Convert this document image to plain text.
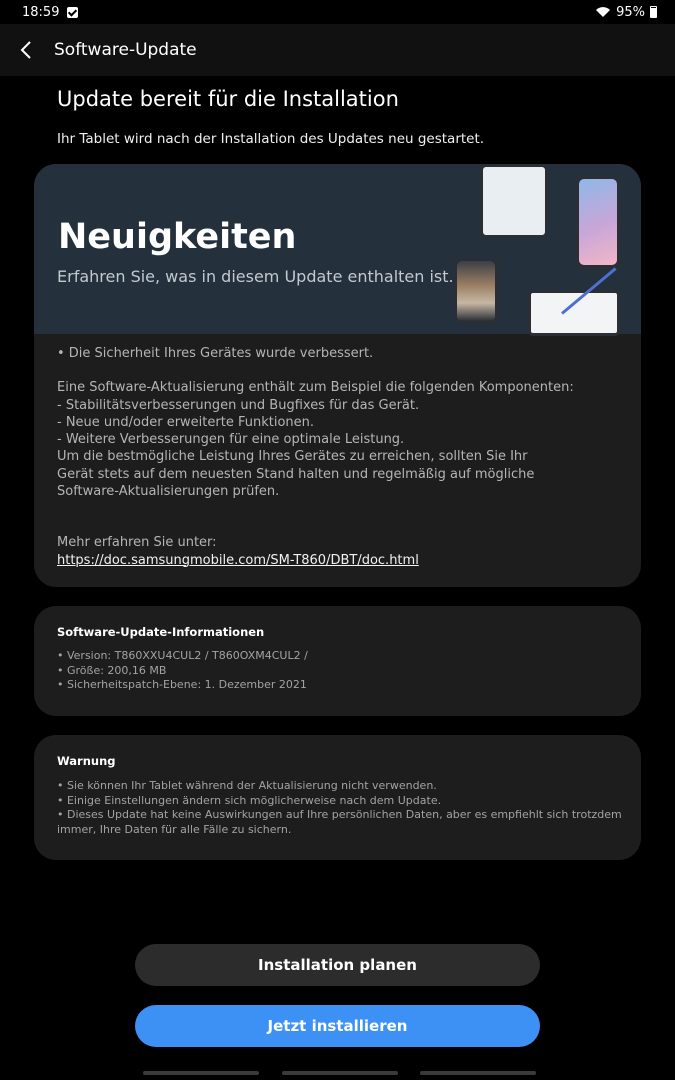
18:59	95%
Software-Update
Update bereit für die Installation
Ihr Tablet wird nach der Installation des Updates neu gestartet.
Neuigkeiten
Erfahren Sie, was in diesem Update enthalten ist.

• Die Sicherheit Ihres Gerätes wurde verbessert.

Eine Software-Aktualisierung enthält zum Beispiel die folgenden Komponenten:
- Stabilitätsverbesserungen und Bugfixes für das Gerät.
- Neue und/oder erweiterte Funktionen.
- Weitere Verbesserungen für eine optimale Leistung.
Um die bestmögliche Leistung Ihres Gerätes zu erreichen, sollten Sie Ihr
Gerät stets auf dem neuesten Stand halten und regelmäßig auf mögliche
Software-Aktualisierungen prüfen.

Mehr erfahren Sie unter:

https://doc.samsungmobile.com/SM-T860/DBT/doc.html

Software-Update-Informationen
• Version: T860XXU4CUL2 / T860OXM4CUL2 /
• Größe: 200,16 MB
• Sicherheitspatch-Ebene: 1. Dezember 2021
Warnung
• Sie können Ihr Tablet während der Aktualisierung nicht verwenden.
• Einige Einstellungen ändern sich möglicherweise nach dem Update.
• Dieses Update hat keine Auswirkungen auf Ihre persönlichen Daten, aber es empfiehlt sich trotzdem
immer, Ihre Daten für alle Fälle zu sichern.
Installation planen
Jetzt installieren
